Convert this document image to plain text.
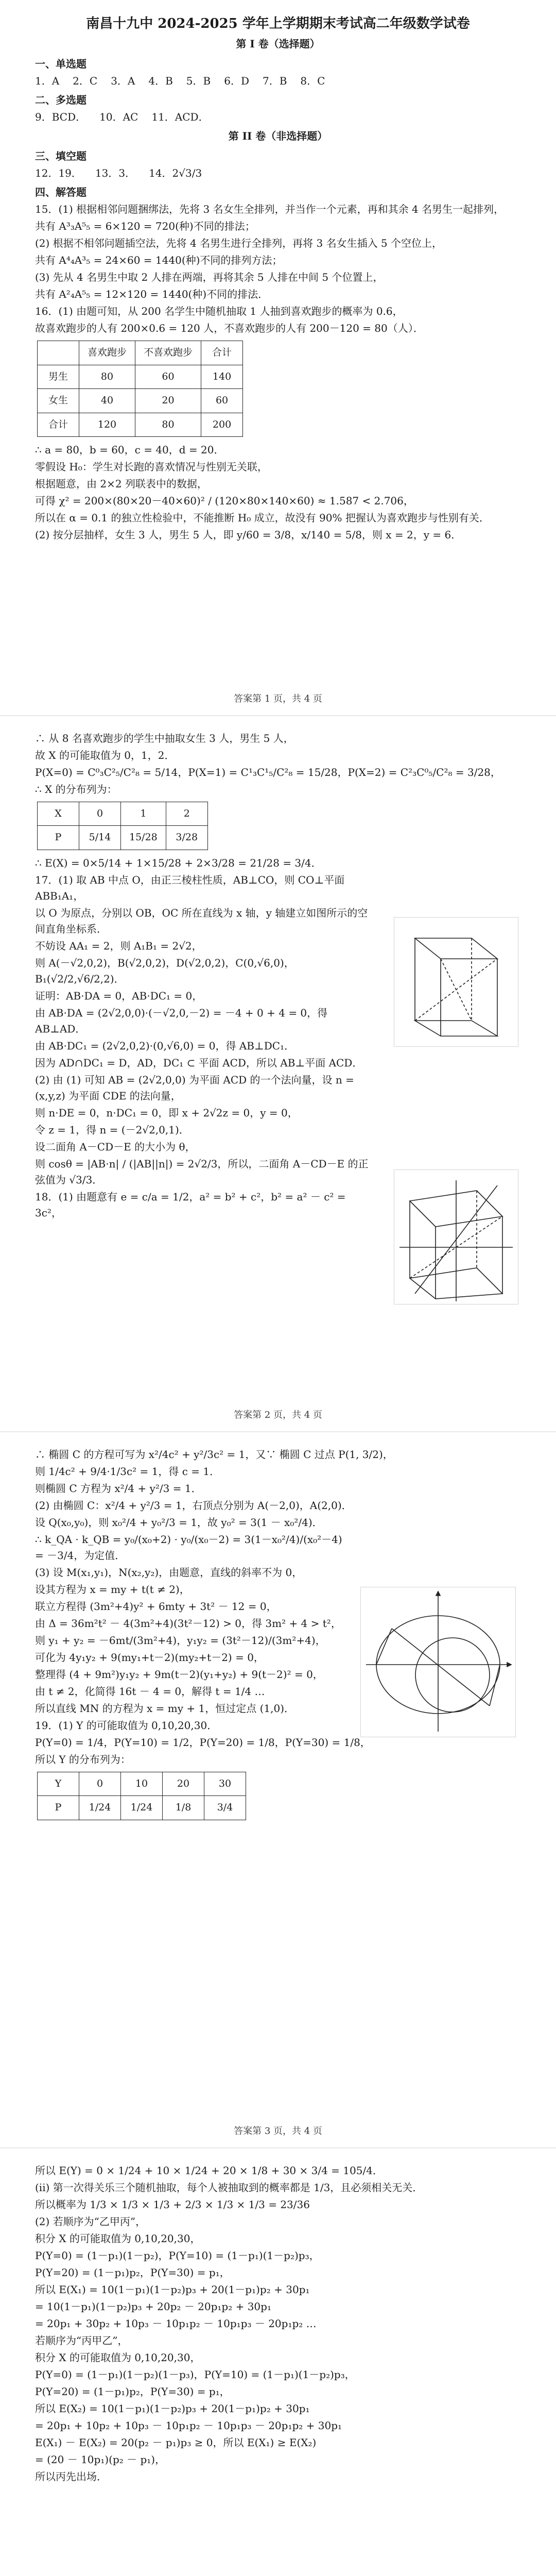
南昌十九中 2024-2025 学年上学期期末考试高二年级数学试卷
第 I 卷（选择题）
一、单选题
1．A 2．C 3．A 4．B 5．B 6．D 7．B 8．C
二、多选题
9．BCD． 10．AC 11．ACD．
第 II 卷（非选择题）
三、填空题
12．19． 13．3． 14．2√3/3
四、解答题
15．(1) 根据相邻问题捆绑法，先将 3 名女生全排列，并当作一个元素，再和其余 4 名男生一起排列，
共有 A³₃A⁵₅ = 6×120 = 720(种)不同的排法；
(2) 根据不相邻问题插空法，先将 4 名男生进行全排列，再将 3 名女生插入 5 个空位上，
共有 A⁴₄A³₅ = 24×60 = 1440(种)不同的排列方法；
(3) 先从 4 名男生中取 2 人排在两端，再将其余 5 人排在中间 5 个位置上，
共有 A²₄A⁵₅ = 12×120 = 1440(种)不同的排法．
16．(1) 由题可知，从 200 名学生中随机抽取 1 人抽到喜欢跑步的概率为 0.6，
故喜欢跑步的人有 200×0.6 = 120 人，不喜欢跑步的人有 200－120 = 80（人）．
	喜欢跑步	不喜欢跑步	合计
男生	80	60	140
女生	40	20	60
合计	120	80	200
∴ a = 80，b = 60，c = 40，d = 20．
零假设 H₀：学生对长跑的喜欢情况与性别无关联，
根据题意，由 2×2 列联表中的数据，
可得 χ² = 200×(80×20－40×60)² / (120×80×140×60) ≈ 1.587 < 2.706，
所以在 α = 0.1 的独立性检验中，不能推断 H₀ 成立，故没有 90% 把握认为喜欢跑步与性别有关．
(2) 按分层抽样，女生 3 人，男生 5 人，即 y/60 = 3/8，x/140 = 5/8，则 x = 2，y = 6．
答案第 1 页，共 4 页
∴ 从 8 名喜欢跑步的学生中抽取女生 3 人，男生 5 人，
故 X 的可能取值为 0，1，2．
P(X=0) = C⁰₃C²₅/C²₈ = 5/14，P(X=1) = C¹₃C¹₅/C²₈ = 15/28，P(X=2) = C²₃C⁰₅/C²₈ = 3/28，
∴ X 的分布列为：
X	0	1	2
P	5/14	15/28	3/28
∴ E(X) = 0×5/14 + 1×15/28 + 2×3/28 = 21/28 = 3/4．
17．(1) 取 AB 中点 O，由正三棱柱性质，AB⊥CO，则 CO⊥平面 ABB₁A₁，
以 O 为原点，分别以 OB，OC 所在直线为 x 轴，y 轴建立如图所示的空间直角坐标系．
不妨设 AA₁ = 2，则 A₁B₁ = 2√2，
则 A(－√2,0,2)，B(√2,0,2)，D(√2,0,2)，C(0,√6,0)，B₁(√2/2,√6/2,2)．
证明：AB·DA = 0，AB·DC₁ = 0，
由 AB·DA = (2√2,0,0)·(－√2,0,－2) = －4 + 0 + 4 = 0，得 AB⊥AD．
由 AB·DC₁ = (2√2,0,2)·(0,√6,0) = 0，得 AB⊥DC₁．
因为 AD∩DC₁ = D，AD，DC₁ ⊂ 平面 ACD，所以 AB⊥平面 ACD．
(2) 由 (1) 可知 AB = (2√2,0,0) 为平面 ACD 的一个法向量，设 n = (x,y,z) 为平面 CDE 的法向量，
则 n·DE = 0，n·DC₁ = 0，即 x + 2√2z = 0，y = 0，
令 z = 1，得 n = (－2√2,0,1)．
设二面角 A－CD－E 的大小为 θ，
则 cosθ = |AB·n| / (|AB||n|) = 2√2/3，所以，二面角 A－CD－E 的正弦值为 √3/3．
18．(1) 由题意有 e = c/a = 1/2，a² = b² + c²，b² = a² － c² = 3c²，
答案第 2 页，共 4 页
∴ 椭圆 C 的方程可写为 x²/4c² + y²/3c² = 1，又∵ 椭圆 C 过点 P(1, 3/2)，
则 1/4c² + 9/4·1/3c² = 1，得 c = 1．
则椭圆 C 方程为 x²/4 + y²/3 = 1．
(2) 由椭圆 C：x²/4 + y²/3 = 1，右顶点分别为 A(－2,0)，A(2,0)．
设 Q(x₀,y₀)，则 x₀²/4 + y₀²/3 = 1，故 y₀² = 3(1 － x₀²/4)．
∴ k_QA · k_QB = y₀/(x₀+2) · y₀/(x₀－2) = 3(1－x₀²/4)/(x₀²－4) = －3/4，为定值．
(3) 设 M(x₁,y₁)，N(x₂,y₂)，由题意，直线的斜率不为 0，
设其方程为 x = my + t(t ≠ 2)，
联立方程得 (3m²+4)y² + 6mty + 3t² － 12 = 0，
由 Δ = 36m²t² － 4(3m²+4)(3t²－12) > 0，得 3m² + 4 > t²，
则 y₁ + y₂ = －6mt/(3m²+4)，y₁y₂ = (3t²－12)/(3m²+4)，
可化为 4y₁y₂ + 9(my₁+t－2)(my₂+t－2) = 0，
整理得 (4 + 9m²)y₁y₂ + 9m(t－2)(y₁+y₂) + 9(t－2)² = 0，
由 t ≠ 2，化简得 16t － 4 = 0，解得 t = 1/4 …
所以直线 MN 的方程为 x = my + 1，恒过定点 (1,0)．
19．(1) Y 的可能取值为 0,10,20,30．
P(Y=0) = 1/4，P(Y=10) = 1/2，P(Y=20) = 1/8，P(Y=30) = 1/8，
所以 Y 的分布列为：
Y	0	10	20	30
P	1/24	1/24	1/8	3/4
答案第 3 页，共 4 页
所以 E(Y) = 0 × 1/24 + 10 × 1/24 + 20 × 1/8 + 30 × 3/4 = 105/4．
(ii) 第一次得关乐三个随机抽取，每个人被抽取到的概率都是 1/3，且必须相关无关．
所以概率为 1/3 × 1/3 × 1/3 + 2/3 × 1/3 × 1/3 = 23/36
(2) 若顺序为“乙甲丙”，
积分 X 的可能取值为 0,10,20,30，
P(Y=0) = (1－p₁)(1－p₂)，P(Y=10) = (1－p₁)(1－p₂)p₃，
P(Y=20) = (1－p₁)p₂，P(Y=30) = p₁，
所以 E(X₁) = 10(1－p₁)(1－p₂)p₃ + 20(1－p₁)p₂ + 30p₁
= 10(1－p₁)(1－p₂)p₃ + 20p₂ － 20p₁p₂ + 30p₁
= 20p₁ + 30p₂ + 10p₃ － 10p₁p₂ － 10p₁p₃ － 20p₁p₂ …
若顺序为“丙甲乙”，
积分 X 的可能取值为 0,10,20,30，
P(Y=0) = (1－p₁)(1－p₂)(1－p₃)，P(Y=10) = (1－p₁)(1－p₂)p₃，
P(Y=20) = (1－p₁)p₂，P(Y=30) = p₁，
所以 E(X₂) = 10(1－p₁)(1－p₂)p₃ + 20(1－p₁)p₂ + 30p₁
= 20p₁ + 10p₂ + 10p₃ － 10p₁p₂ － 10p₁p₃ － 20p₁p₂ + 30p₁
E(X₁) － E(X₂) = 20(p₂ － p₁)p₃ ≥ 0，所以 E(X₁) ≥ E(X₂)
= (20 － 10p₁)(p₂ － p₁)，
所以丙先出场．
